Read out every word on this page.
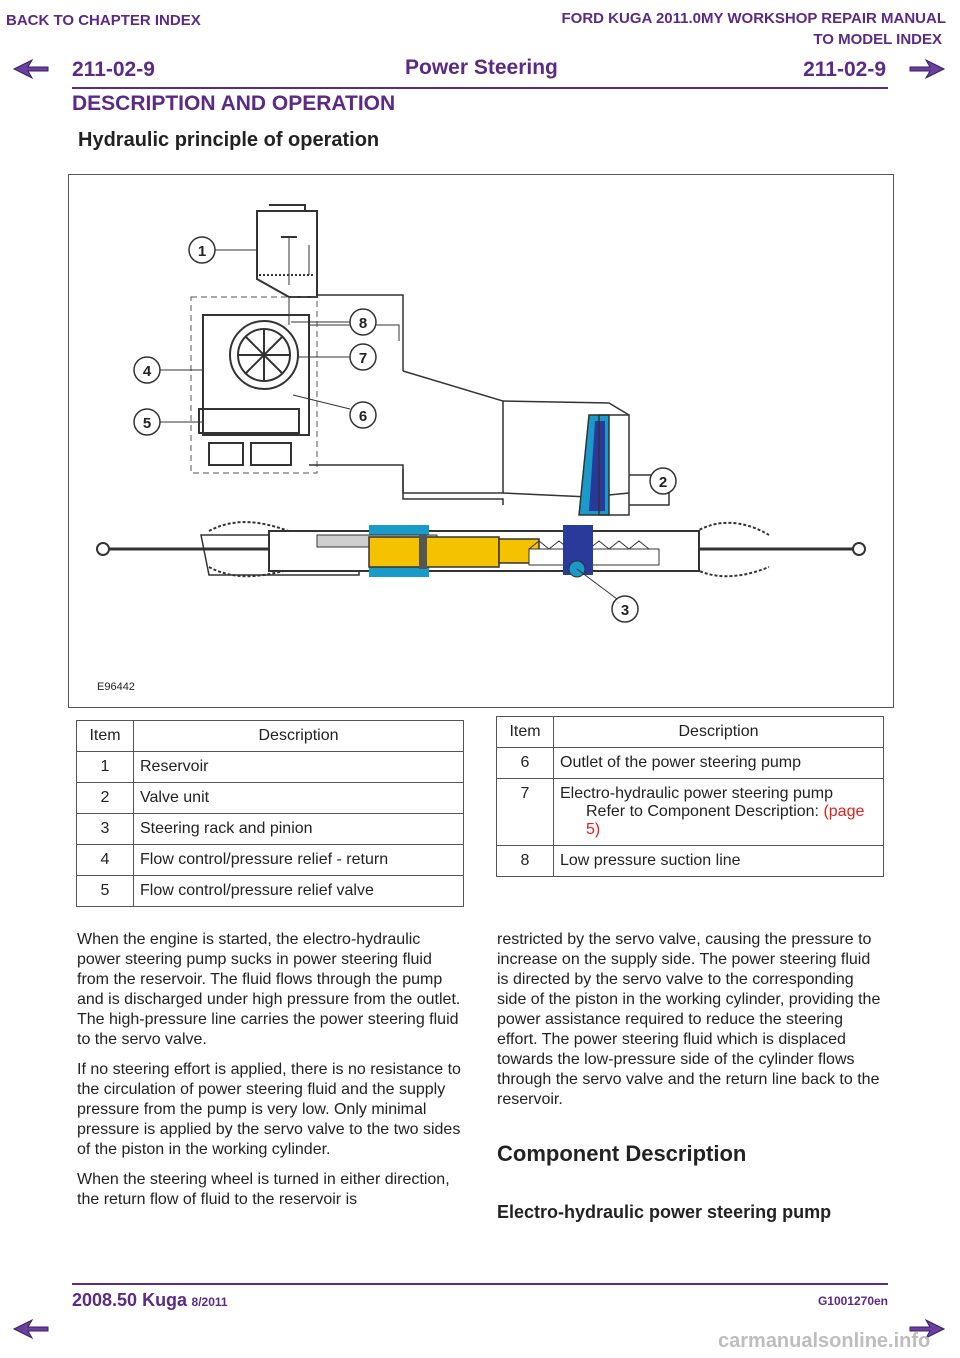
BACK TO CHAPTER INDEX	FORD KUGA 2011.0MY WORKSHOP REPAIR MANUAL
TO MODEL INDEX
211-02-9	Power Steering	211-02-9
DESCRIPTION AND OPERATION
Hydraulic principle of operation
1
2
3
4
5	6
7
8
E96442
Item	Description
1	Reservoir
2	Valve unit
3	Steering rack and pinion
4	Flow control/pressure relief - return
5	Flow control/pressure relief valve
Item	Description
6	Outlet of the power steering pump
7	Electro-hydraulic power steering pump
Refer to Component Description: (page 5)

8	Low pressure suction line

When the engine is started, the electro-hydraulic power steering pump sucks in power steering fluid from the reservoir. The fluid flows through the pump and is discharged under high pressure from the outlet. The high-pressure line carries the power steering fluid to the servo valve.

If no steering effort is applied, there is no resistance to the circulation of power steering fluid and the supply pressure from the pump is very low. Only minimal pressure is applied by the servo valve to the two sides of the piston in the working cylinder.

When the steering wheel is turned in either direction, the return flow of fluid to the reservoir is

restricted by the servo valve, causing the pressure to increase on the supply side. The power steering fluid is directed by the servo valve to the corresponding side of the piston in the working cylinder, providing the power assistance required to reduce the steering effort. The power steering fluid which is displaced towards the low-pressure side of the cylinder flows through the servo valve and the return line back to the reservoir.

Component Description
Electro-hydraulic power steering pump
2008.50 Kuga 8/2011	G1001270en
carmanualsonline.info
